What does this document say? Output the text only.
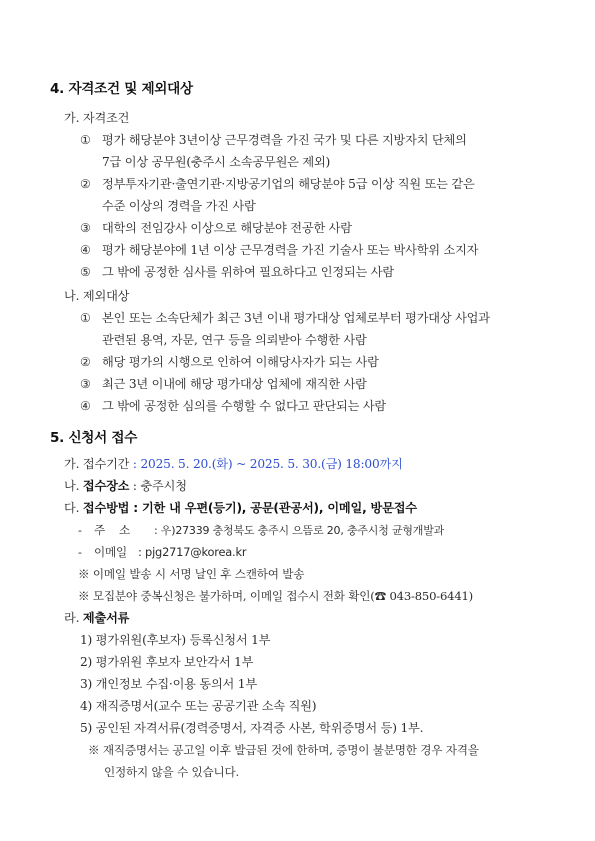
4. 자격조건 및 제외대상
가. 자격조건
① 평가 해당분야 3년이상 근무경력을 가진 국가 및 다른 지방자치 단체의
7급 이상 공무원(충주시 소속공무원은 제외)
② 정부투자기관·출연기관·지방공기업의 해당분야 5급 이상 직원 또는 같은
수준 이상의 경력을 가진 사람
③ 대학의 전임강사 이상으로 해당분야 전공한 사람
④ 평가 해당분야에 1년 이상 근무경력을 가진 기술사 또는 박사학위 소지자
⑤ 그 밖에 공정한 심사를 위하여 필요하다고 인정되는 사람
나. 제외대상
① 본인 또는 소속단체가 최근 3년 이내 평가대상 업체로부터 평가대상 사업과
관련된 용역, 자문, 연구 등을 의뢰받아 수행한 사람
② 해당 평가의 시행으로 인하여 이해당사자가 되는 사람
③ 최근 3년 이내에 해당 평가대상 업체에 재직한 사람
④ 그 밖에 공정한 심의를 수행할 수 없다고 판단되는 사람
5. 신청서 접수
가. 접수기간 : 2025. 5. 20.(화) ~ 2025. 5. 30.(금) 18:00까지
나. 접수장소 : 충주시청
다. 접수방법 : 기한 내 우편(등기), 공문(관공서), 이메일, 방문접수
- 주    소 : 우)27339 충청북도 충주시 으뜸로 20, 충주시청 균형개발과
- 이메일 : pjg2717@korea.kr
※ 이메일 발송 시 서명 날인 후 스캔하여 발송
※ 모집분야 중복신청은 불가하며, 이메일 접수시 전화 확인(☎ 043-850-6441)
라. 제출서류
1) 평가위원(후보자) 등록신청서 1부
2) 평가위원 후보자 보안각서 1부
3) 개인정보 수집·이용 동의서 1부
4) 재직증명서(교수 또는 공공기관 소속 직원)
5) 공인된 자격서류(경력증명서, 자격증 사본, 학위증명서 등) 1부.
※ 재직증명서는 공고일 이후 발급된 것에 한하며, 증명이 불분명한 경우 자격을
인정하지 않을 수 있습니다.
